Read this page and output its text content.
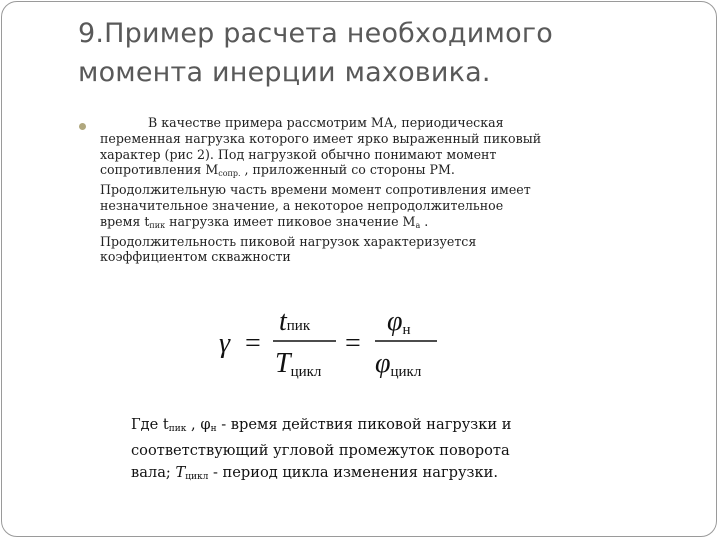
9.Пример расчета необходимого
момента инерции маховика.
В качестве примера рассмотрим МА, периодическая
переменная нагрузка которого имеет ярко выраженный пиковый
характер (рис 2). Под нагрузкой обычно понимают момент
сопротивления $М_{сопр.}$ , приложенный со стороны РМ.
Продолжительную часть времени момент сопротивления имеет
незначительное значение, а некоторое непродолжительное
время $t_{пик}$ нагрузка имеет пиковое значение $М_а$ .
Продолжительность пиковой нагрузок характеризуется
коэффициентом скважности
γ =
tпик
Tцикл
=
φн
φцикл
Где $t_{пик}$ , $\varphi_н$ - время действия пиковой нагрузки и
соответствующий угловой промежуток поворота
вала; $T_{цикл}$ - период цикла изменения нагрузки.
